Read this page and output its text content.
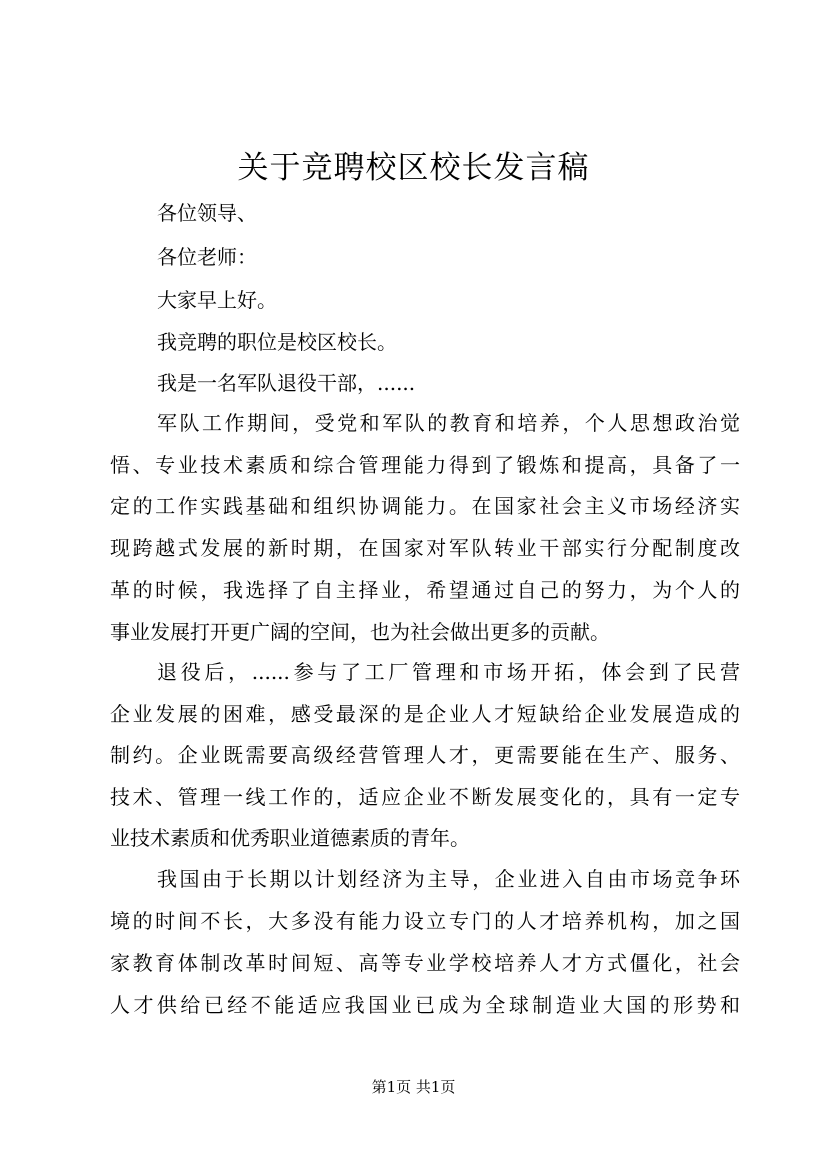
关于竞聘校区校长发言稿
各位领导、
各位老师：
大家早上好。
我竞聘的职位是校区校长。
我是一名军队退役干部，......
军队工作期间，受党和军队的教育和培养，个人思想政治觉
悟、专业技术素质和综合管理能力得到了锻炼和提高，具备了一
定的工作实践基础和组织协调能力。在国家社会主义市场经济实
现跨越式发展的新时期，在国家对军队转业干部实行分配制度改
革的时候，我选择了自主择业，希望通过自己的努力，为个人的
事业发展打开更广阔的空间，也为社会做出更多的贡献。
退役后，......参与了工厂管理和市场开拓，体会到了民营
企业发展的困难，感受最深的是企业人才短缺给企业发展造成的
制约。企业既需要高级经营管理人才，更需要能在生产、服务、
技术、管理一线工作的，适应企业不断发展变化的，具有一定专
业技术素质和优秀职业道德素质的青年。
我国由于长期以计划经济为主导，企业进入自由市场竞争环
境的时间不长，大多没有能力设立专门的人才培养机构，加之国
家教育体制改革时间短、高等专业学校培养人才方式僵化，社会
人才供给已经不能适应我国业已成为全球制造业大国的形势和
第1页 共1页
